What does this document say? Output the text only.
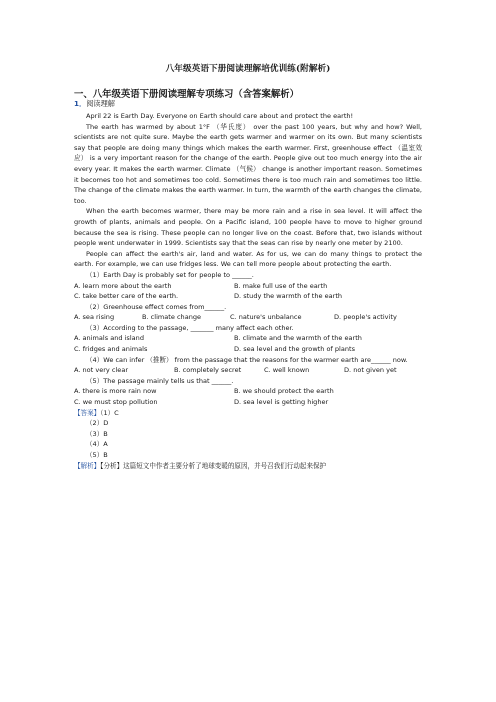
八年级英语下册阅读理解培优训练(附解析)
一、八年级英语下册阅读理解专项练习（含答案解析）
1．阅读理解

April 22 is Earth Day. Everyone on Earth should care about and protect the earth!

The earth has warmed by about 1°F （华氏度） over the past 100 years, but why and how? Well, scientists are not quite sure. Maybe the earth gets warmer and warmer on its own. But many scientists say that people are doing many things which makes the earth warmer. First, greenhouse effect （温室效应） is a very important reason for the change of the earth. People give out too much energy into the air every year. It makes the earth warmer. Climate （气候） change is another important reason. Sometimes it becomes too hot and sometimes too cold. Sometimes there is too much rain and sometimes too little. The change of the climate makes the earth warmer. In turn, the warmth of the earth changes the climate, too.

When the earth becomes warmer, there may be more rain and a rise in sea level. It will affect the growth of plants, animals and people. On a Pacific island, 100 people have to move to higher ground because the sea is rising. These people can no longer live on the coast. Before that, two islands without people went underwater in 1999. Scientists say that the seas can rise by nearly one meter by 2100.

People can affect the earth's air, land and water. As for us, we can do many things to protect the earth. For example, we can use fridges less. We can tell more people about protecting the earth.

（1）Earth Day is probably set for people to ______.

A. learn more about the earth	B. make full use of the earth
C. take better care of the earth.	D. study the warmth of the earth

（2）Greenhouse effect comes from______.

A. sea rising	B. climate change	C. nature's unbalance	D. people's activity

（3）According to the passage, _______ many affect each other.

A. animals and island	B. climate and the warmth of the earth
C. fridges and animals	D. sea level and the growth of plants

（4）We can infer （推断） from the passage that the reasons for the warmer earth are______ now.

A. not very clear	B. completely secret	C. well known	D. not given yet

（5）The passage mainly tells us that ______.

A. there is more rain now	B. we should protect the earth
C. we must stop pollution	D. sea level is getting higher

【答案】（1）C

（2）D

（3）B

（4）A

（5）B

【解析】【分析】这篇短文中作者主要分析了地球变暖的原因，并号召我们行动起来保护
